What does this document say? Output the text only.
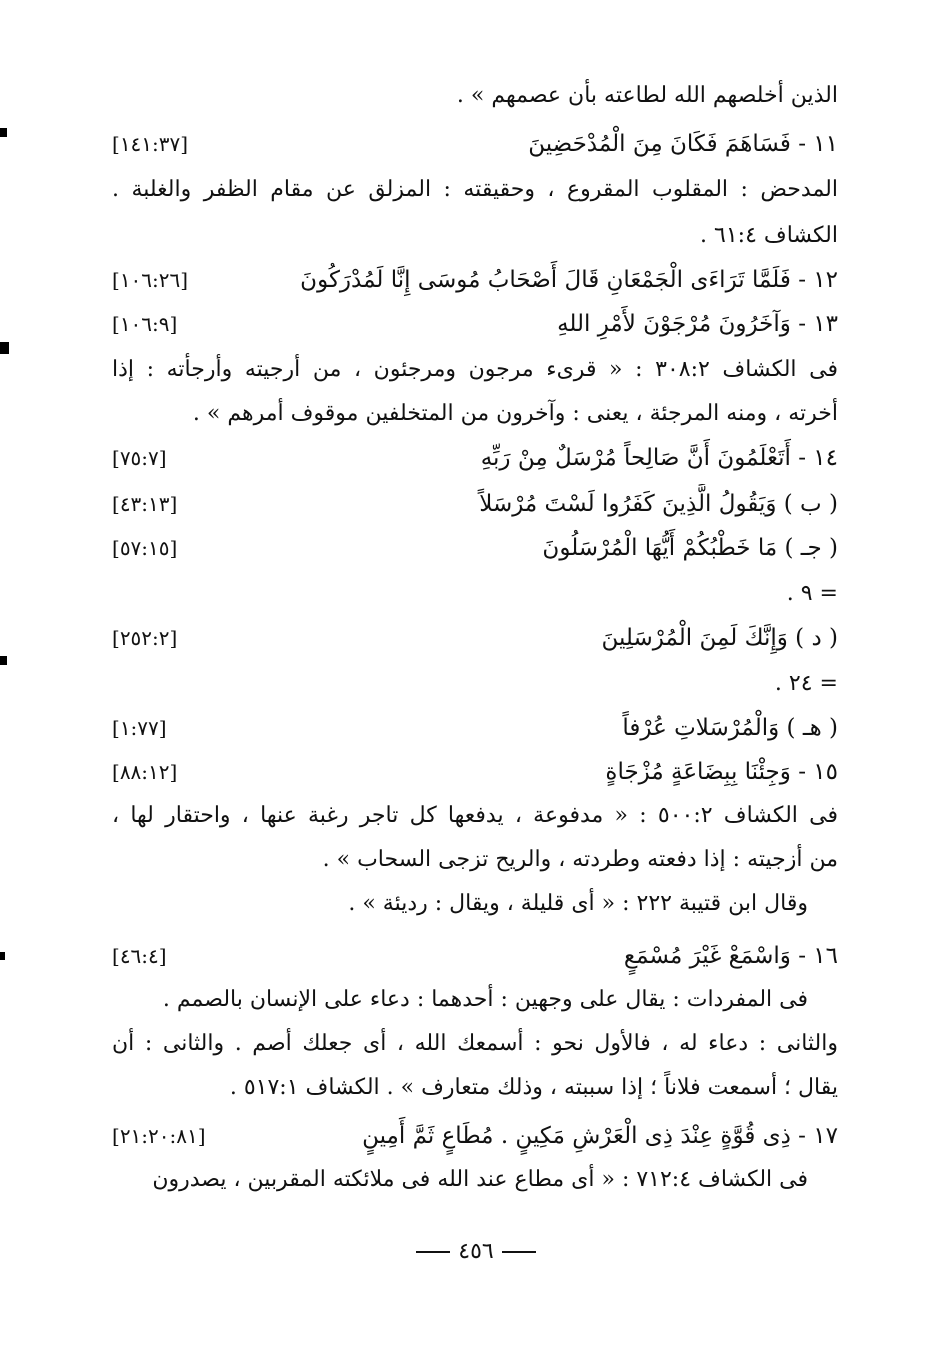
الذين أخلصهم الله لطاعته بأن عصمهم » .
١١ - فَسَاهَمَ فَكَانَ مِنَ الْمُدْحَضِينَ
[١٤١:٣٧]
المدحض : المقلوب المقروع ، وحقيقته : المزلق عن مقام الظفر والغلبة .
الكشاف ٦١:٤ .
١٢ - فَلَمَّا تَرَاءَى الْجَمْعَانِ قَالَ أَصْحَابُ مُوسَى إِنَّا لَمُدْرَكُونَ
[١٠٦:٢٦]
١٣ - وَآخَرُونَ مُرْجَوْنَ لأَمْرِ اللهِ
[١٠٦:٩]
فى الكشاف ٣٠٨:٢ : « قرىء مرجون ومرجئون ، من أرجيته وأرجأته : إذا
أخرته ، ومنه المرجئة ، يعنى : وآخرون من المتخلفين موقوف أمرهم » .
١٤ - أَتَعْلَمُونَ أَنَّ صَالِحاً مُرْسَلٌ مِنْ رَبِّهِ
[٧٥:٧]
( ب ) وَيَقُولُ الَّذِينَ كَفَرُوا لَسْتَ مُرْسَلاً
[٤٣:١٣]
( جـ ) مَا خَطْبُكُمْ أَيُّهَا الْمُرْسَلُونَ
[٥٧:١٥]
= ٩ .
( د ) وَإِنَّكَ لَمِنَ الْمُرْسَلِينَ
[٢٥٢:٢]
= ٢٤ .
( هـ ) وَالْمُرْسَلاتِ عُرْفاً
[١:٧٧]
١٥ - وَجِئْنَا بِبِضَاعَةٍ مُزْجَاةٍ
[٨٨:١٢]
فى الكشاف ٥٠٠:٢ : « مدفوعة ، يدفعها كل تاجر رغبة عنها ، واحتقار لها ،
من أزجيته : إذا دفعته وطردته ، والريح تزجى السحاب » .
وقال ابن قتيبة ٢٢٢ : « أى قليلة ، ويقال : رديئة » .
١٦ - وَاسْمَعْ غَيْرَ مُسْمَعٍ
[٤٦:٤]
فى المفردات : يقال على وجهين : أحدهما : دعاء على الإنسان بالصمم .
والثانى : دعاء له ، فالأول نحو : أسمعك الله ، أى جعلك أصم . والثانى : أن
يقال ؛ أسمعت فلاناً ؛ إذا سببته ، وذلك متعارف » . الكشاف ٥١٧:١ .
١٧ - ذِى قُوَّةٍ عِنْدَ ذِى الْعَرْشِ مَكِينٍ . مُطَاعٍ ثَمَّ أَمِينٍ
[٢١:٢٠:٨١]
فى الكشاف ٧١٢:٤ : « أى مطاع عند الله فى ملائكته المقربين ، يصدرون
٤٥٦
